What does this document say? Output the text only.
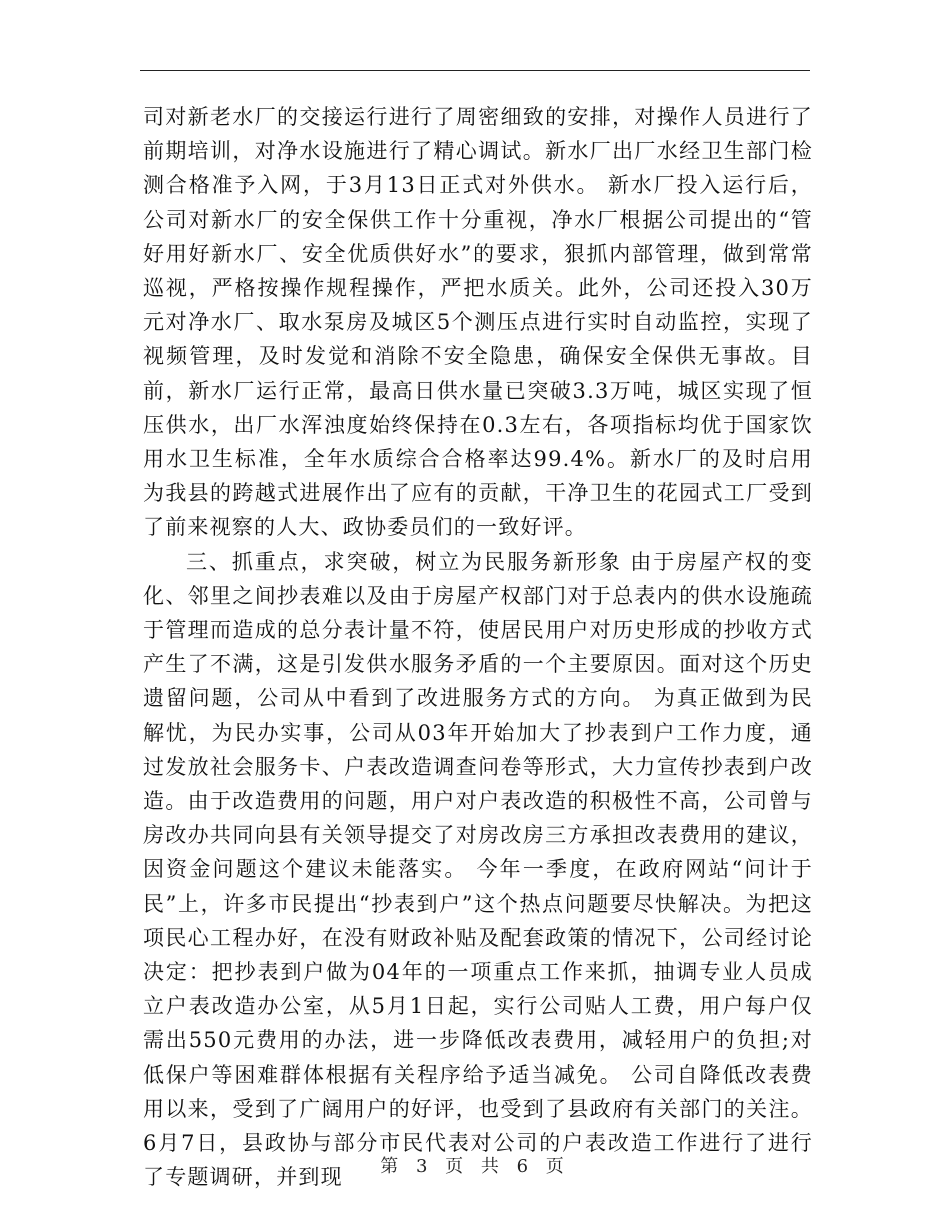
司对新老水厂的交接运行进行了周密细致的安排，对操作人员进行了前期培训，对净水设施进行了精心调试。新水厂出厂水经卫生部门检测合格准予入网，于3月13日正式对外供水。 新水厂投入运行后，公司对新水厂的安全保供工作十分重视，净水厂根据公司提出的“管好用好新水厂、安全优质供好水”的要求，狠抓内部管理，做到常常巡视，严格按操作规程操作，严把水质关。此外，公司还投入30万元对净水厂、取水泵房及城区5个测压点进行实时自动监控，实现了视频管理，及时发觉和消除不安全隐患，确保安全保供无事故。目前，新水厂运行正常，最高日供水量已突破3.3万吨，城区实现了恒压供水，出厂水浑浊度始终保持在0.3左右，各项指标均优于国家饮用水卫生标准，全年水质综合合格率达99.4%。新水厂的及时启用为我县的跨越式进展作出了应有的贡献，干净卫生的花园式工厂受到了前来视察的人大、政协委员们的一致好评。

三、抓重点，求突破，树立为民服务新形象 由于房屋产权的变化、邻里之间抄表难以及由于房屋产权部门对于总表内的供水设施疏于管理而造成的总分表计量不符，使居民用户对历史形成的抄收方式产生了不满，这是引发供水服务矛盾的一个主要原因。面对这个历史遗留问题，公司从中看到了改进服务方式的方向。 为真正做到为民解忧，为民办实事，公司从03年开始加大了抄表到户工作力度，通过发放社会服务卡、户表改造调查问卷等形式，大力宣传抄表到户改造。由于改造费用的问题，用户对户表改造的积极性不高，公司曾与房改办共同向县有关领导提交了对房改房三方承担改表费用的建议，因资金问题这个建议未能落实。 今年一季度，在政府网站“问计于民”上，许多市民提出“抄表到户”这个热点问题要尽快解决。为把这项民心工程办好，在没有财政补贴及配套政策的情况下，公司经讨论决定：把抄表到户做为04年的一项重点工作来抓，抽调专业人员成立户表改造办公室，从5月1日起，实行公司贴人工费，用户每户仅需出550元费用的办法，进一步降低改表费用，减轻用户的负担;对低保户等困难群体根据有关程序给予适当减免。 公司自降低改表费用以来，受到了广阔用户的好评，也受到了县政府有关部门的关注。6月7日，县政协与部分市民代表对公司的户表改造工作进行了进行了专题调研，并到现	第 3 页 共 6 页
